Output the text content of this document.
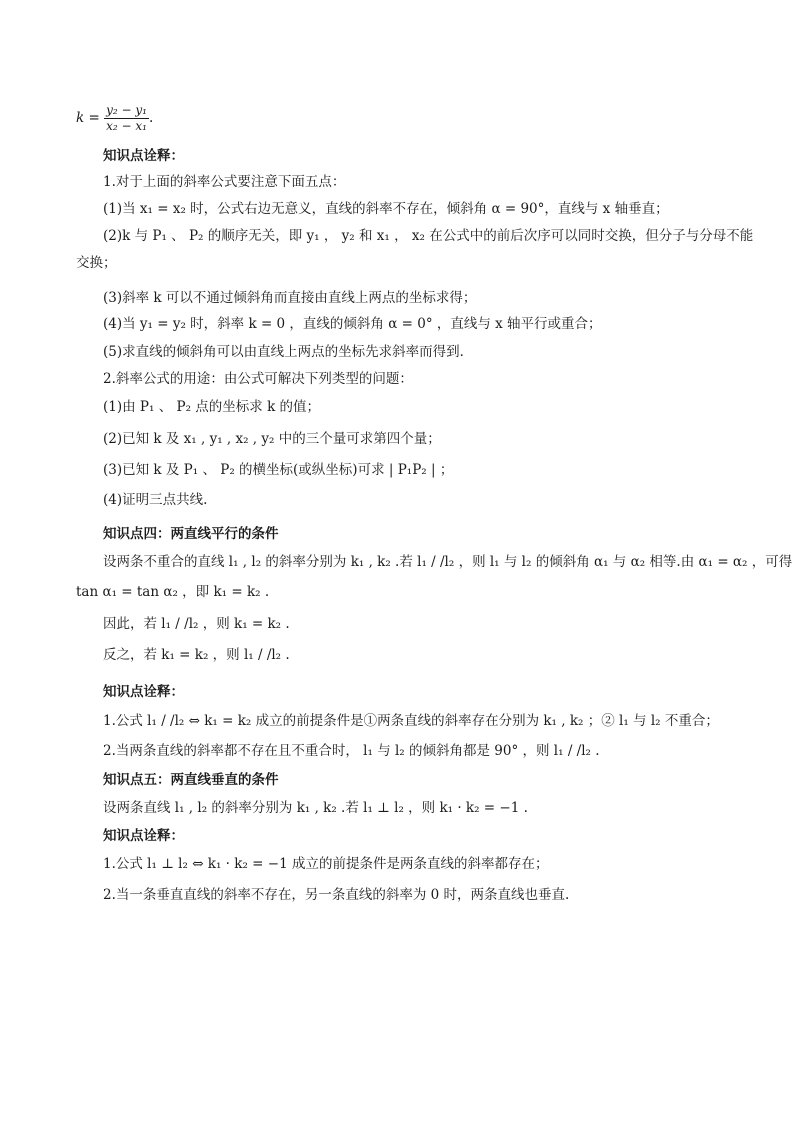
$k = \frac{\text{y₂ − y₁}}{\text{x₂ − x₁}}$ .
知识点诠释：
1.对于上面的斜率公式要注意下面五点：
(1)当 x₁ = x₂ 时，公式右边无意义，直线的斜率不存在，倾斜角 α = 90°，直线与 x 轴垂直；
(2)k 与 P₁ 、 P₂ 的顺序无关，即 y₁ ， y₂ 和 x₁ ， x₂ 在公式中的前后次序可以同时交换，但分子与分母不能
交换；
(3)斜率 k 可以不通过倾斜角而直接由直线上两点的坐标求得；
(4)当 y₁ = y₂ 时，斜率 k = 0 ，直线的倾斜角 α = 0° ，直线与 x 轴平行或重合；
(5)求直线的倾斜角可以由直线上两点的坐标先求斜率而得到．
2.斜率公式的用途：由公式可解决下列类型的问题：
(1)由 P₁ 、 P₂ 点的坐标求 k 的值；
(2)已知 k 及 x₁ , y₁ , x₂ , y₂ 中的三个量可求第四个量；
(3)已知 k 及 P₁ 、 P₂ 的横坐标(或纵坐标)可求 | P₁P₂ | ；
(4)证明三点共线.
知识点四：两直线平行的条件
设两条不重合的直线 l₁ , l₂ 的斜率分别为 k₁ , k₂ .若 l₁ / /l₂ ，则 l₁ 与 l₂ 的倾斜角 α₁ 与 α₂ 相等.由 α₁ = α₂ ，可得
tan α₁ = tan α₂ ，即 k₁ = k₂ .
因此，若 l₁ / /l₂ ，则 k₁ = k₂ .
反之，若 k₁ = k₂ ，则 l₁ / /l₂ .
知识点诠释：
1.公式 l₁ / /l₂ ⇔ k₁ = k₂ 成立的前提条件是①两条直线的斜率存在分别为 k₁ , k₂ ；② l₁ 与 l₂ 不重合；
2.当两条直线的斜率都不存在且不重合时， l₁ 与 l₂ 的倾斜角都是 90° ，则 l₁ / /l₂ .
知识点五：两直线垂直的条件
设两条直线 l₁ , l₂ 的斜率分别为 k₁ , k₂ .若 l₁ ⊥ l₂ ，则 k₁ · k₂ = −1 .
知识点诠释：
1.公式 l₁ ⊥ l₂ ⇔ k₁ · k₂ = −1 成立的前提条件是两条直线的斜率都存在；
2.当一条垂直直线的斜率不存在，另一条直线的斜率为 0 时，两条直线也垂直.
